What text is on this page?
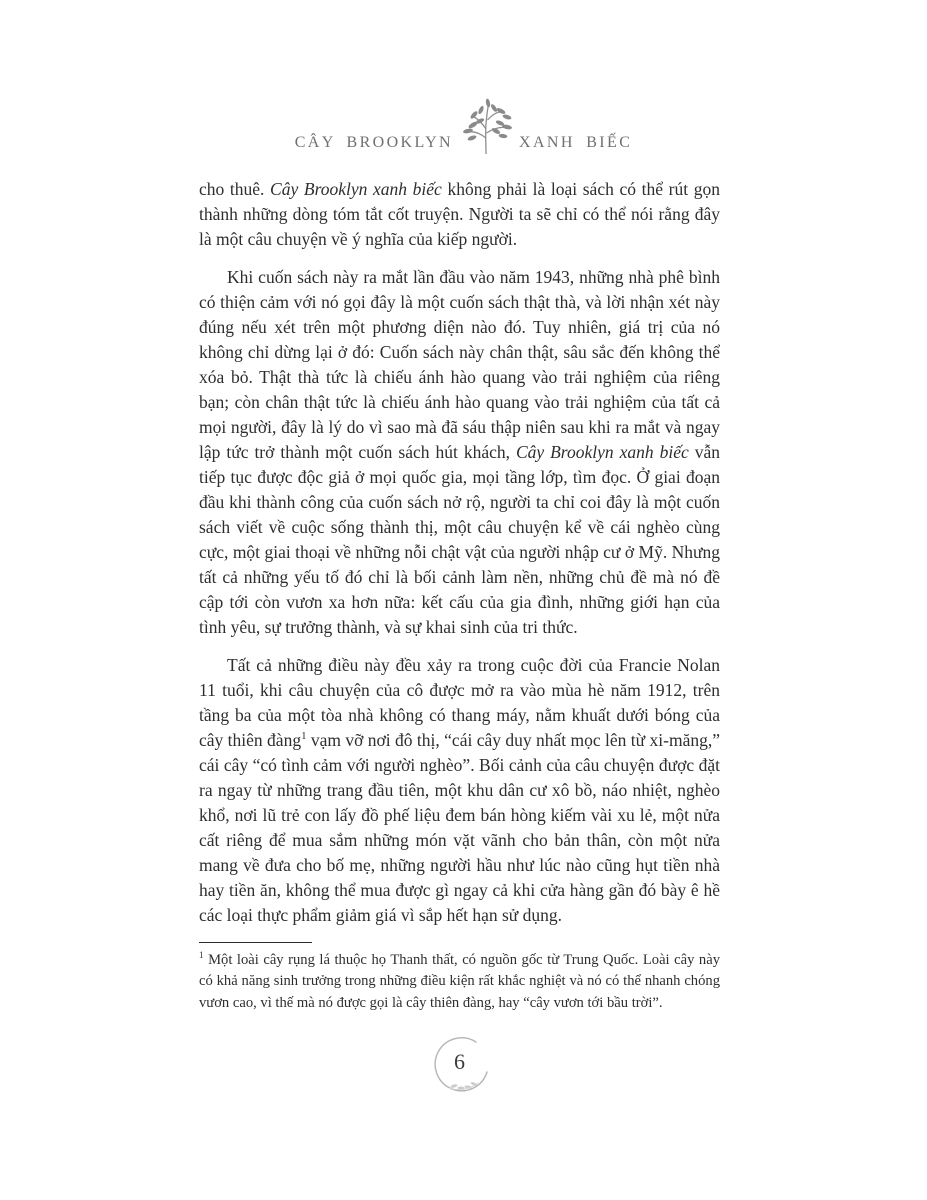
CÂY BROOKLYN	XANH BIẾC

cho thuê. Cây Brooklyn xanh biếc không phải là loại sách có thể rút gọn thành những dòng tóm tắt cốt truyện. Người ta sẽ chỉ có thể nói rằng đây là một câu chuyện về ý nghĩa của kiếp người.

Khi cuốn sách này ra mắt lần đầu vào năm 1943, những nhà phê bình có thiện cảm với nó gọi đây là một cuốn sách thật thà, và lời nhận xét này đúng nếu xét trên một phương diện nào đó. Tuy nhiên, giá trị của nó không chỉ dừng lại ở đó: Cuốn sách này chân thật, sâu sắc đến không thể xóa bỏ. Thật thà tức là chiếu ánh hào quang vào trải nghiệm của riêng bạn; còn chân thật tức là chiếu ánh hào quang vào trải nghiệm của tất cả mọi người, đây là lý do vì sao mà đã sáu thập niên sau khi ra mắt và ngay lập tức trở thành một cuốn sách hút khách, Cây Brooklyn xanh biếc vẫn tiếp tục được độc giả ở mọi quốc gia, mọi tầng lớp, tìm đọc. Ở giai đoạn đầu khi thành công của cuốn sách nở rộ, người ta chỉ coi đây là một cuốn sách viết về cuộc sống thành thị, một câu chuyện kể về cái nghèo cùng cực, một giai thoại về những nỗi chật vật của người nhập cư ở Mỹ. Nhưng tất cả những yếu tố đó chỉ là bối cảnh làm nền, những chủ đề mà nó đề cập tới còn vươn xa hơn nữa: kết cấu của gia đình, những giới hạn của tình yêu, sự trưởng thành, và sự khai sinh của tri thức.

Tất cả những điều này đều xảy ra trong cuộc đời của Francie Nolan 11 tuổi, khi câu chuyện của cô được mở ra vào mùa hè năm 1912, trên tầng ba của một tòa nhà không có thang máy, nằm khuất dưới bóng của cây thiên đàng$^1$ vạm vỡ nơi đô thị, “cái cây duy nhất mọc lên từ xi-măng,” cái cây “có tình cảm với người nghèo”. Bối cảnh của câu chuyện được đặt ra ngay từ những trang đầu tiên, một khu dân cư xô bồ, náo nhiệt, nghèo khổ, nơi lũ trẻ con lấy đồ phế liệu đem bán hòng kiếm vài xu lẻ, một nửa cất riêng để mua sắm những món vặt vãnh cho bản thân, còn một nửa mang về đưa cho bố mẹ, những người hầu như lúc nào cũng hụt tiền nhà hay tiền ăn, không thể mua được gì ngay cả khi cửa hàng gần đó bày ê hề các loại thực phẩm giảm giá vì sắp hết hạn sử dụng.

$^1$ Một loài cây rụng lá thuộc họ Thanh thất, có nguồn gốc từ Trung Quốc. Loài cây này có khả năng sinh trưởng trong những điều kiện rất khắc nghiệt và nó có thể nhanh chóng vươn cao, vì thế mà nó được gọi là cây thiên đàng, hay “cây vươn tới bầu trời”.

6
